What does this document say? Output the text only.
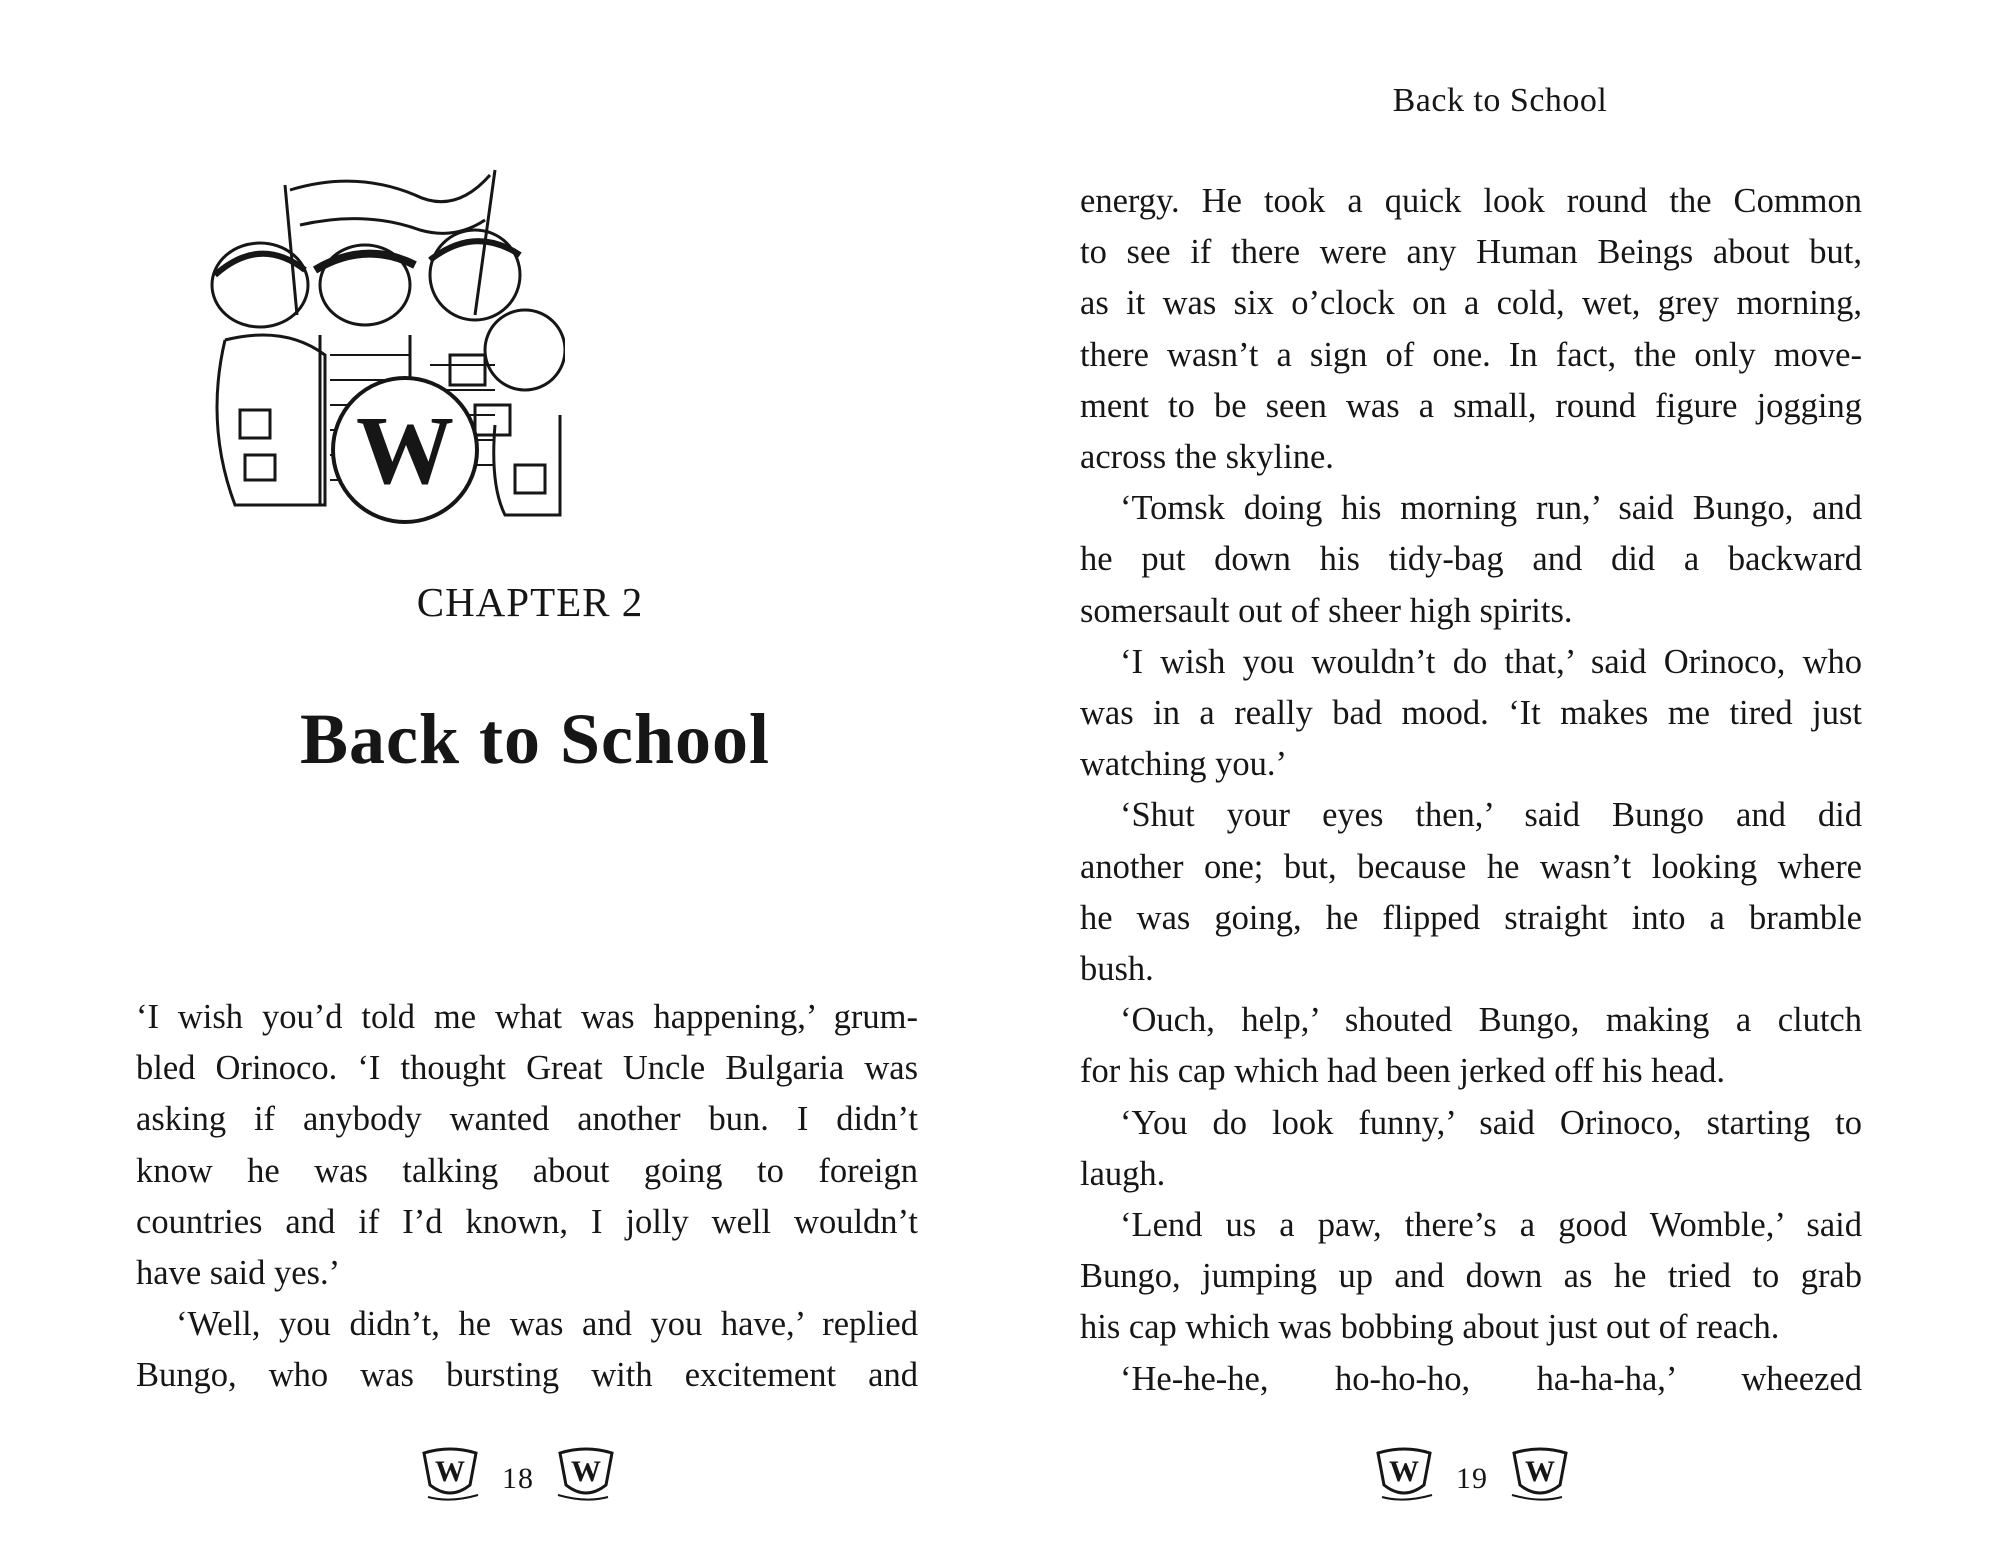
W
CHAPTER 2
Back to School

‘I wish you’d told me what was happening,’ grum-

bled Orinoco. ‘I thought Great Uncle Bulgaria was

asking if anybody wanted another bun. I didn’t

know he was talking about going to foreign

countries and if I’d known, I jolly well wouldn’t

have said yes.’

‘Well, you didn’t, he was and you have,’ replied

Bungo, who was bursting with excitement and

W 18 W
Back to School

energy. He took a quick look round the Common

to see if there were any Human Beings about but,

as it was six o’clock on a cold, wet, grey morning,

there wasn’t a sign of one. In fact, the only move-

ment to be seen was a small, round figure jogging

across the skyline.

‘Tomsk doing his morning run,’ said Bungo, and

he put down his tidy-bag and did a backward

somersault out of sheer high spirits.

‘I wish you wouldn’t do that,’ said Orinoco, who

was in a really bad mood. ‘It makes me tired just

watching you.’

‘Shut your eyes then,’ said Bungo and did

another one; but, because he wasn’t looking where

he was going, he flipped straight into a bramble

bush.

‘Ouch, help,’ shouted Bungo, making a clutch

for his cap which had been jerked off his head.

‘You do look funny,’ said Orinoco, starting to

laugh.

‘Lend us a paw, there’s a good Womble,’ said

Bungo, jumping up and down as he tried to grab

his cap which was bobbing about just out of reach.

‘He-he-he, ho-ho-ho, ha-ha-ha,’ wheezed

W 19 W
